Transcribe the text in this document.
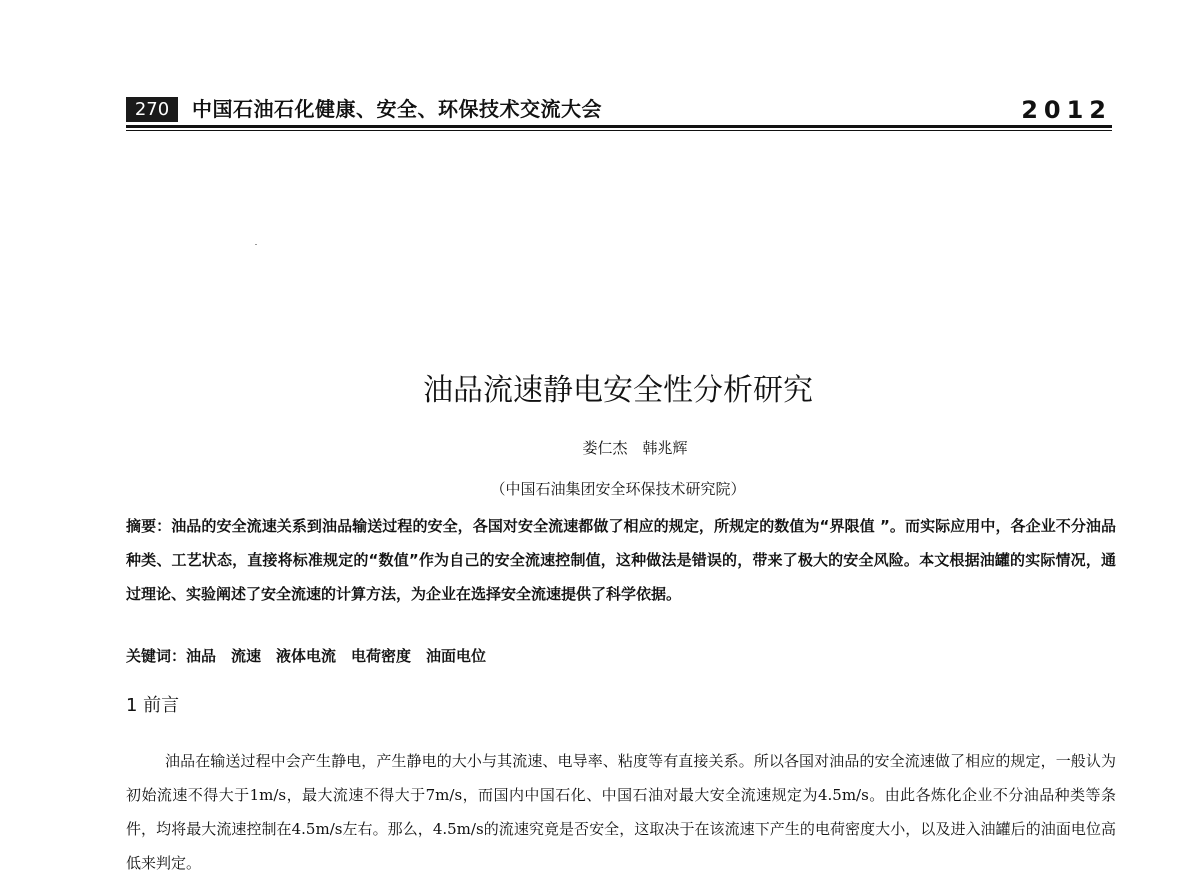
270	中国石油石化健康、安全、环保技术交流大会	2012
油品流速静电安全性分析研究
娄仁杰　韩兆辉
（中国石油集团安全环保技术研究院）

摘要：油品的安全流速关系到油品输送过程的安全，各国对安全流速都做了相应的规定，所规定的数值为“界限值 ”。而实际应用中，各企业不分油品种类、工艺状态，直接将标准规定的“数值”作为自己的安全流速控制值，这种做法是错误的，带来了极大的安全风险。本文根据油罐的实际情况，通过理论、实验阐述了安全流速的计算方法，为企业在选择安全流速提供了科学依据。

关键词：油品　流速　液体电流　电荷密度　油面电位
1 前言

油品在输送过程中会产生静电，产生静电的大小与其流速、电导率、粘度等有直接关系。所以各国对油品的安全流速做了相应的规定，一般认为初始流速不得大于1m/s，最大流速不得大于7m/s，而国内中国石化、中国石油对最大安全流速规定为4.5m/s。由此各炼化企业不分油品种类等条件，均将最大流速控制在4.5m/s左右。那么，4.5m/s的流速究竟是否安全，这取决于在该流速下产生的电荷密度大小，以及进入油罐后的油面电位高低来判定。
